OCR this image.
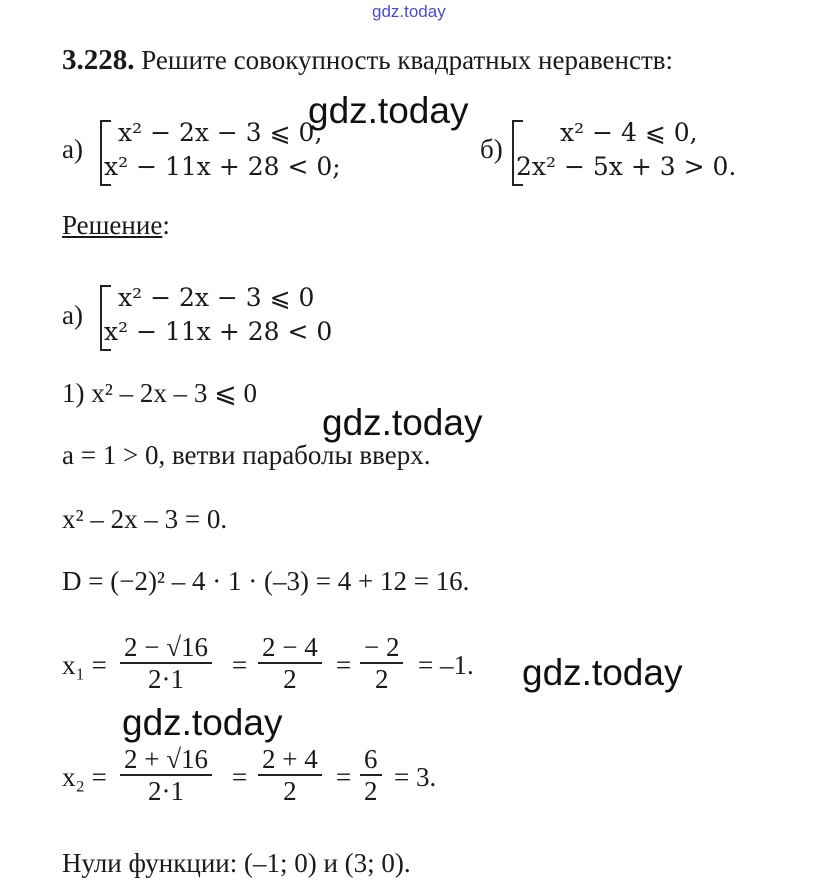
gdz.today
3.228. Решите совокупность квадратных неравенств:
а)
x² − 2x − 3 ⩽ 0,
x² − 11x + 28 < 0;
б)
x² − 4 ⩽ 0,
2x² − 5x + 3 > 0.
Решение:
а)
x² − 2x − 3 ⩽ 0
x² − 11x + 28 < 0
1) x² – 2x – 3 ⩽ 0
a = 1 > 0, ветви параболы вверх.
x² – 2x – 3 = 0.
D = (−2)² – 4 · 1 · (–3) = 4 + 12 = 16.
x₁ =
2 − √16
2·1 =
2 − 4
2 =
− 2
2 = –1.
x₂ =
2 + √16
2·1 =
2 + 4
2 =
6
2 = 3.
Нули функции: (–1; 0) и (3; 0).
gdz.today
gdz.today
gdz.today
gdz.today
